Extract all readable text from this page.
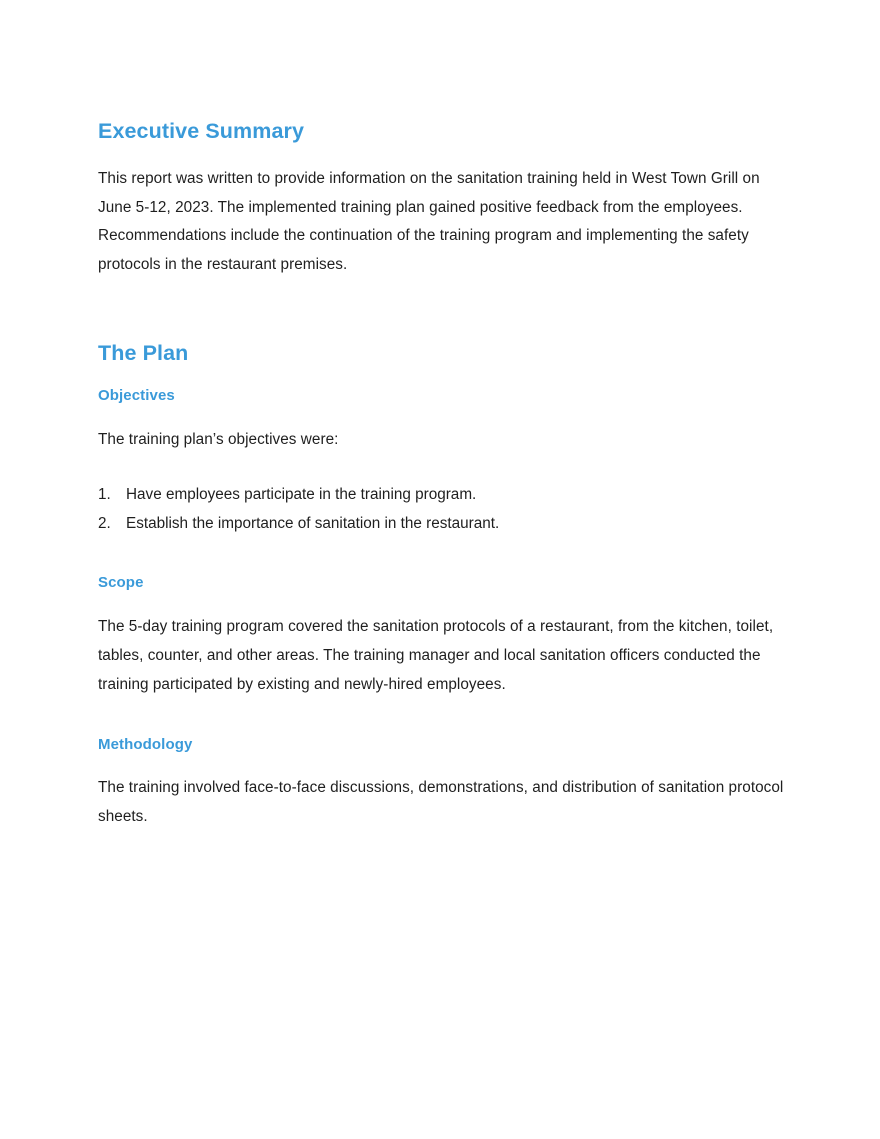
Executive Summary

This report was written to provide information on the sanitation training held in West Town Grill on June 5-12, 2023. The implemented training plan gained positive feedback from the employees. Recommendations include the continuation of the training program and implementing the safety protocols in the restaurant premises.

The Plan
Objectives

The training plan’s objectives were:

1. Have employees participate in the training program.
2. Establish the importance of sanitation in the restaurant.
Scope

The 5-day training program covered the sanitation protocols of a restaurant, from the kitchen, toilet, tables, counter, and other areas. The training manager and local sanitation officers conducted the training participated by existing and newly-hired employees.

Methodology

The training involved face-to-face discussions, demonstrations, and distribution of sanitation protocol sheets.
